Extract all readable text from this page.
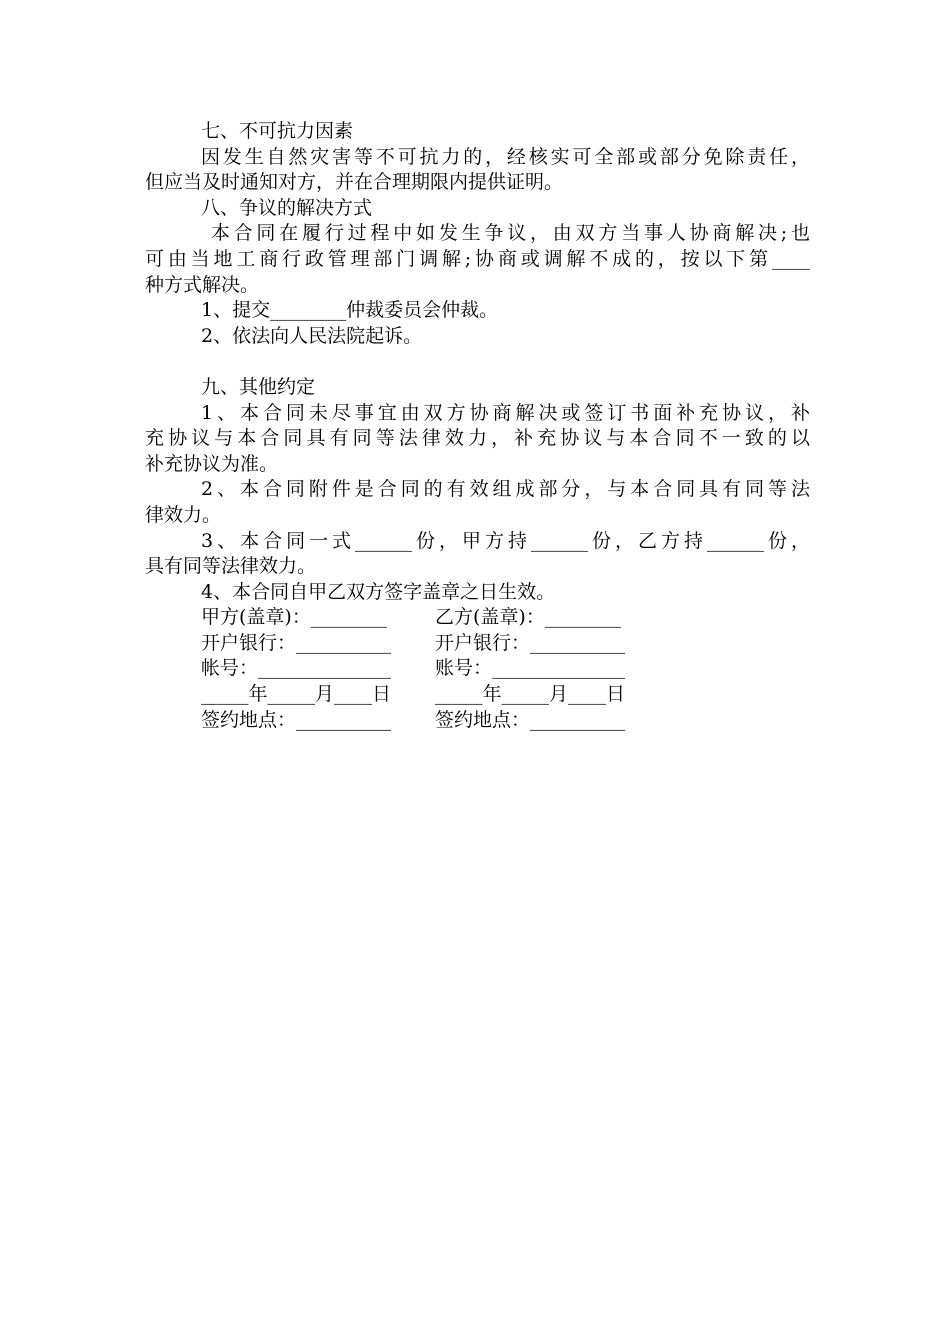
七、不可抗力因素
因发生自然灾害等不可抗力的，经核实可全部或部分免除责任，
但应当及时通知对方，并在合理期限内提供证明。
八、争议的解决方式
本合同在履行过程中如发生争议，由双方当事人协商解决;也
可由当地工商行政管理部门调解;协商或调解不成的，按以下第____
种方式解决。
1、提交________仲裁委员会仲裁。
2、依法向人民法院起诉。
九、其他约定
1、本合同未尽事宜由双方协商解决或签订书面补充协议，补
充协议与本合同具有同等法律效力，补充协议与本合同不一致的以
补充协议为准。
2、本合同附件是合同的有效组成部分，与本合同具有同等法
律效力。
3、本合同一式______份，甲方持______份，乙方持______份，
具有同等法律效力。
4、本合同自甲乙双方签字盖章之日生效。
甲方(盖章)：________	乙方(盖章)：________
开户银行：__________	开户银行：__________
帐号：______________	账号：______________
_____年_____月____日	_____年_____月____日
签约地点：__________	签约地点：__________
